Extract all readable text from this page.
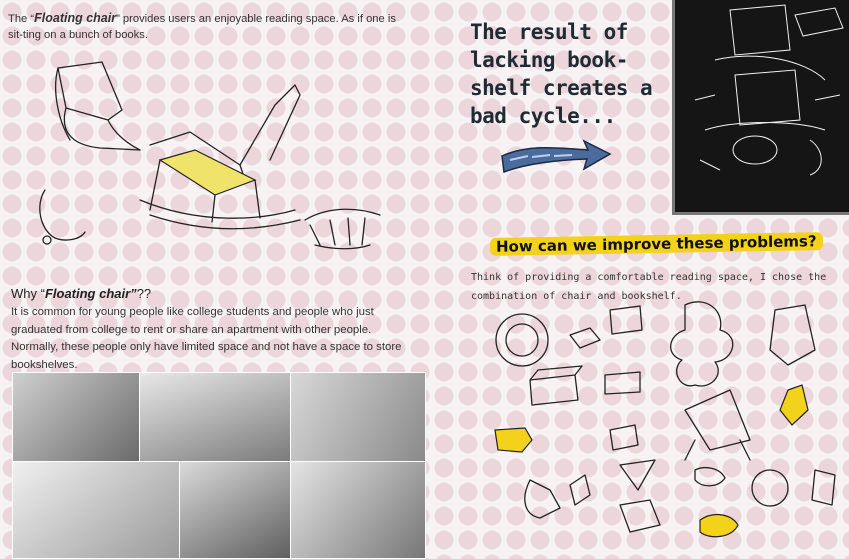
The “Floating chair” provides users an enjoyable reading space. As if one is sit-ting on a bunch of books.
Why “Floating chair”??
It is common for young people like college students and people who just graduated from college to rent or share an apartment with other people. Normally, these people only have limited space and not have a space to store bookshelves.
The result of lacking book-shelf creates a bad cycle...
How can we improve these problems?
Think of providing a comfortable reading space, I chose the combination of chair and bookshelf.
